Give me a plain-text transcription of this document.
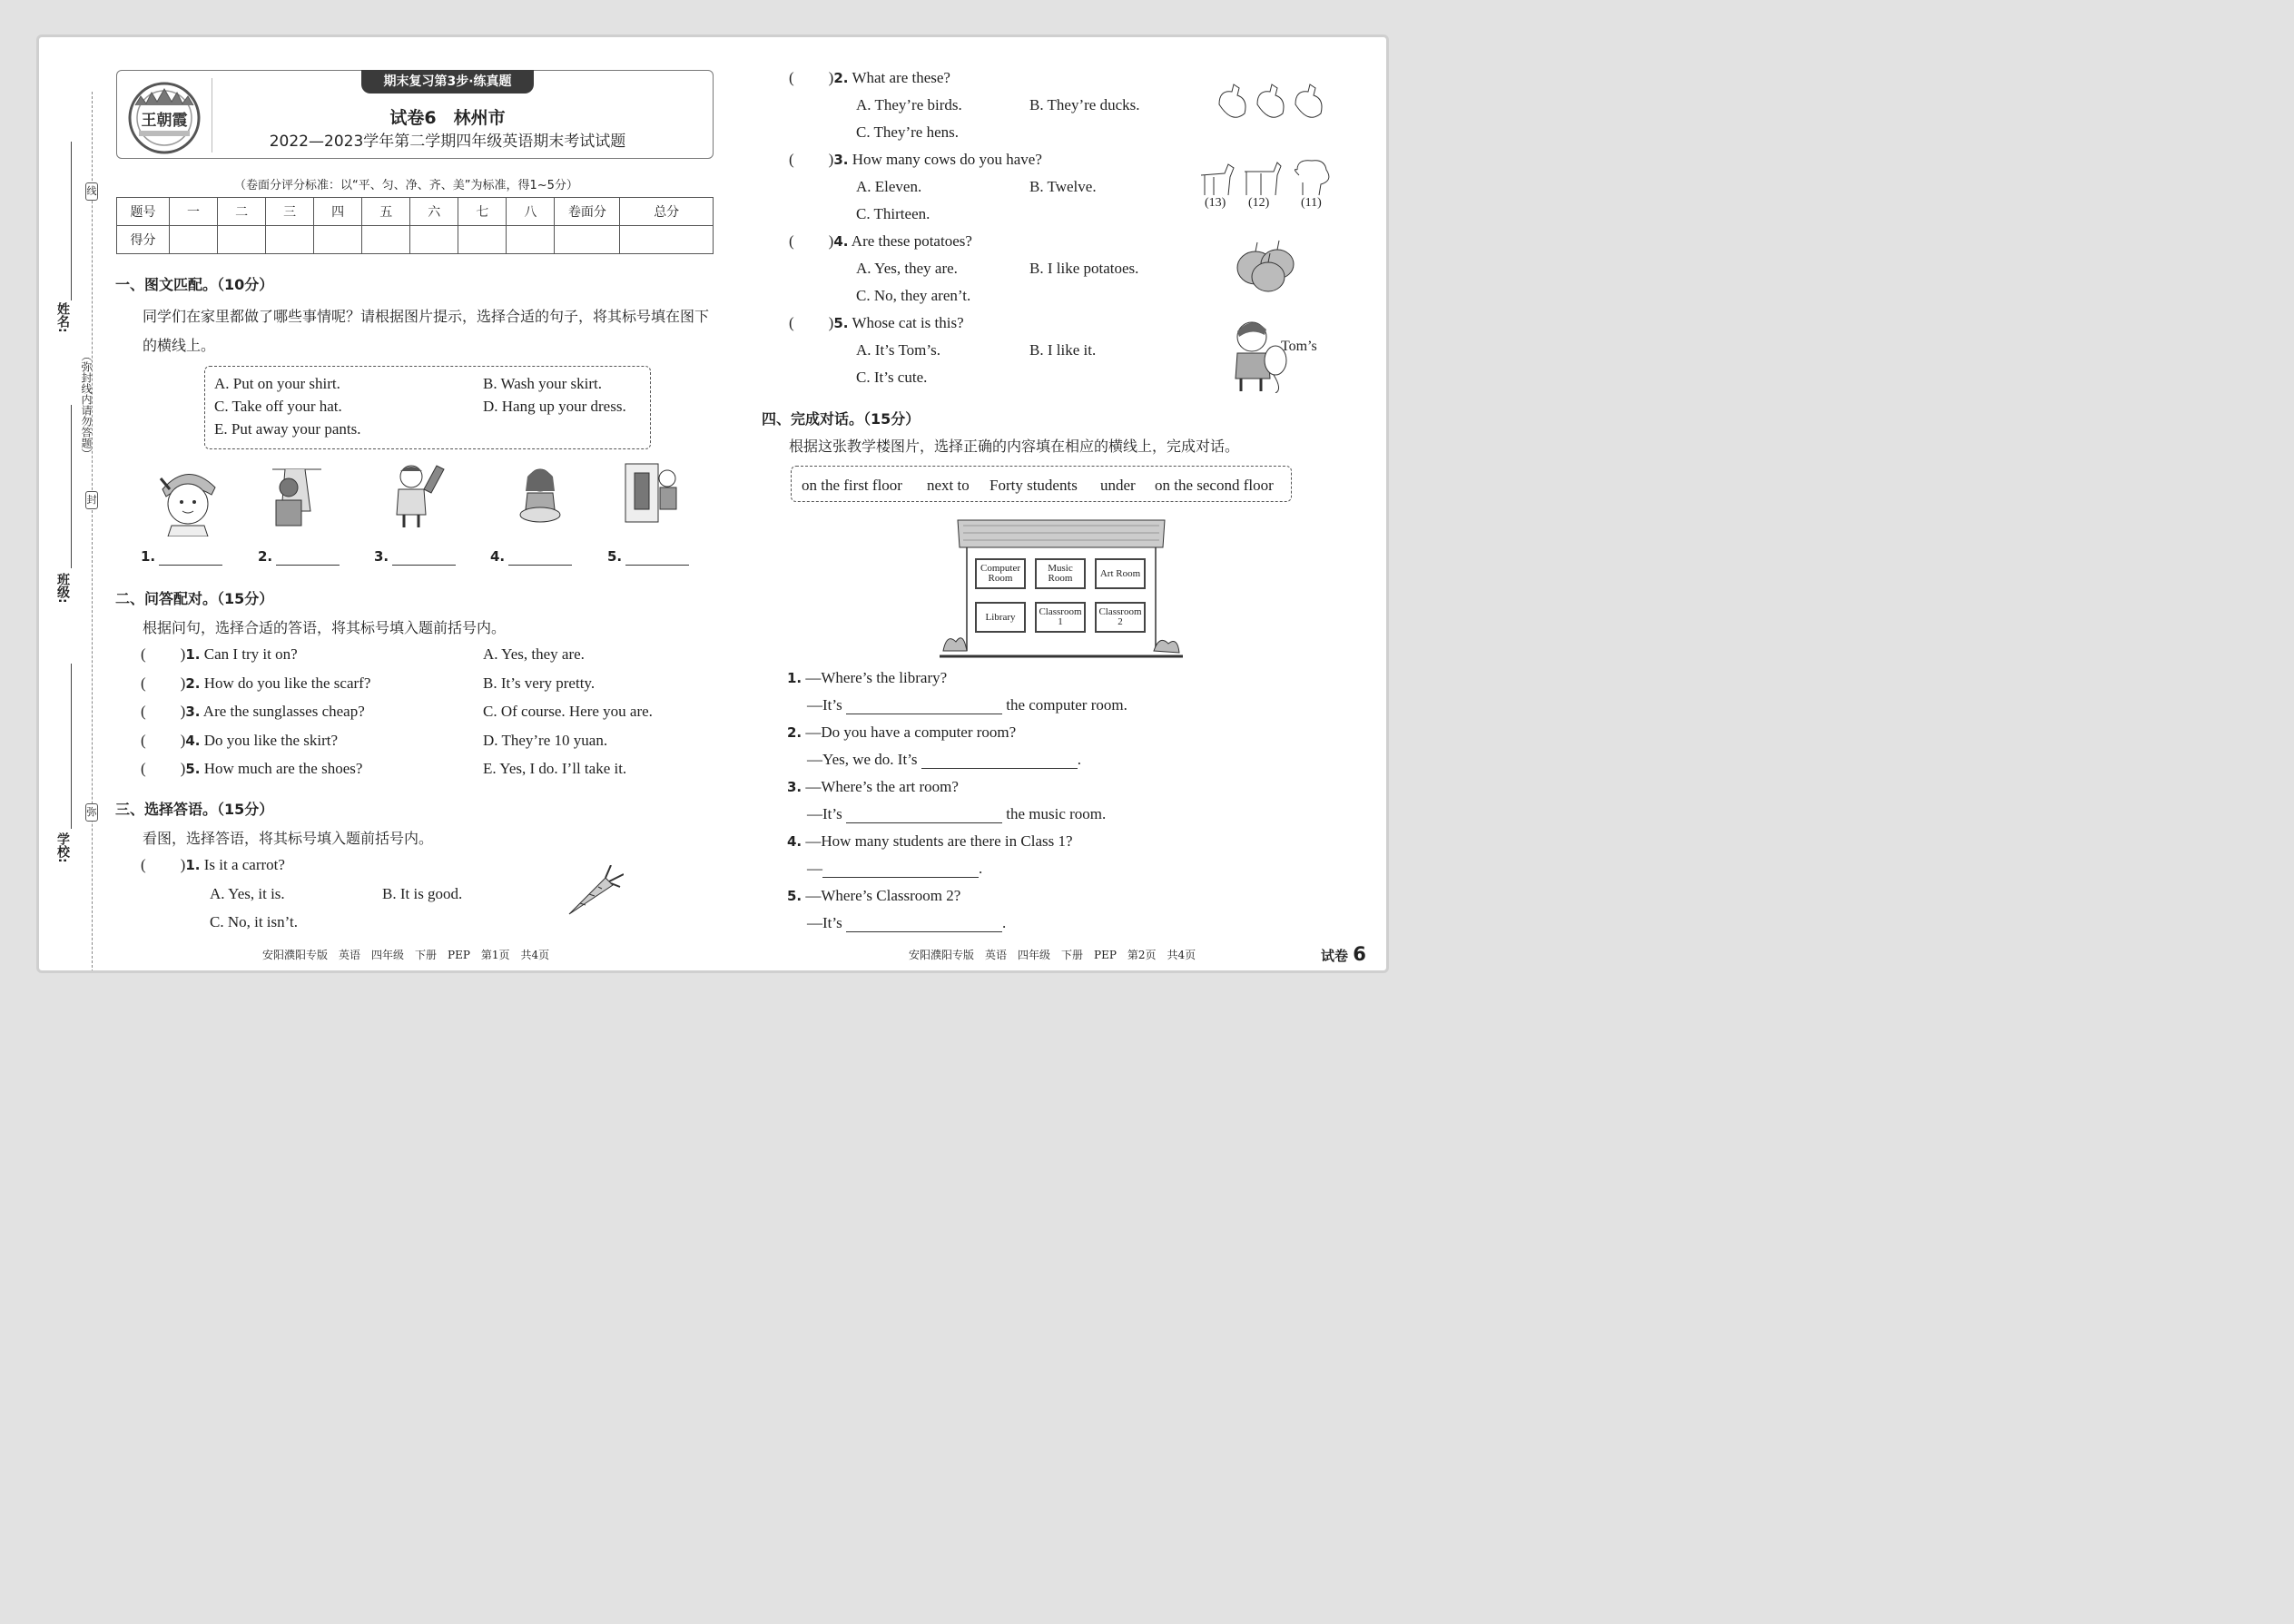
线
封
弥
（弥封线内请勿答题）
姓名:
班级:
学校:
王朝霞
期末复习第3步·练真题
试卷6　林州市
2022—2023学年第二学期四年级英语期末考试试题
（卷面分评分标准：以“平、匀、净、齐、美”为标准，得1~5分）
题号	一	二	三	四	五	六	七	八	卷面分	总分
得分										
一、图文匹配。（10分）
同学们在家里都做了哪些事情呢？请根据图片提示，选择合适的句子，将其标号填在图下的横线上。
A. Put on your shirt.	B. Wash your skirt.
C. Take off your hat.	D. Hang up your dress.
E. Put away your pants.
1.	2.	3.	4.	5.
二、问答配对。（15分）
根据问句，选择合适的答语，将其标号填入题前括号内。
( )1. Can I try it on?	A. Yes, they are.
( )2. How do you like the scarf?	B. It’s very pretty.
( )3. Are the sunglasses cheap?	C. Of course. Here you are.
( )4. Do you like the skirt?	D. They’re 10 yuan.
( )5. How much are the shoes?	E. Yes, I do. I’ll take it.
三、选择答语。（15分）
看图，选择答语，将其标号填入题前括号内。
( )1. Is it a carrot?
A. Yes, it is.	B. It is good.
C. No, it isn’t.
安阳濮阳专版　英语　四年级　下册　PEP　第1页　共4页
( )2. What are these?
A. They’re birds.	B. They’re ducks.
C. They’re hens.
( )3. How many cows do you have?
A. Eleven.	B. Twelve.
C. Thirteen.
(13) (12) (11)
( )4. Are these potatoes?
A. Yes, they are.	B. I like potatoes.
C. No, they aren’t.
( )5. Whose cat is this?
A. It’s Tom’s.	B. I like it.
C. It’s cute.
Tom’s
四、完成对话。（15分）
根据这张教学楼图片，选择正确的内容填在相应的横线上，完成对话。
on the first floor next to Forty students under on the second floor
Computer Room
Music Room	Art Room
Library	Classroom 1
Classroom 2
1. —Where’s the library?
—It’s	the computer room.
2. —Do you have a computer room?
—Yes, we do. It’s	.
3. —Where’s the art room?
—It’s	the music room.
4. —How many students are there in Class 1?
—	.
5. —Where’s Classroom 2?
—It’s	.
安阳濮阳专版　英语　四年级　下册　PEP　第2页　共4页	试卷 6
